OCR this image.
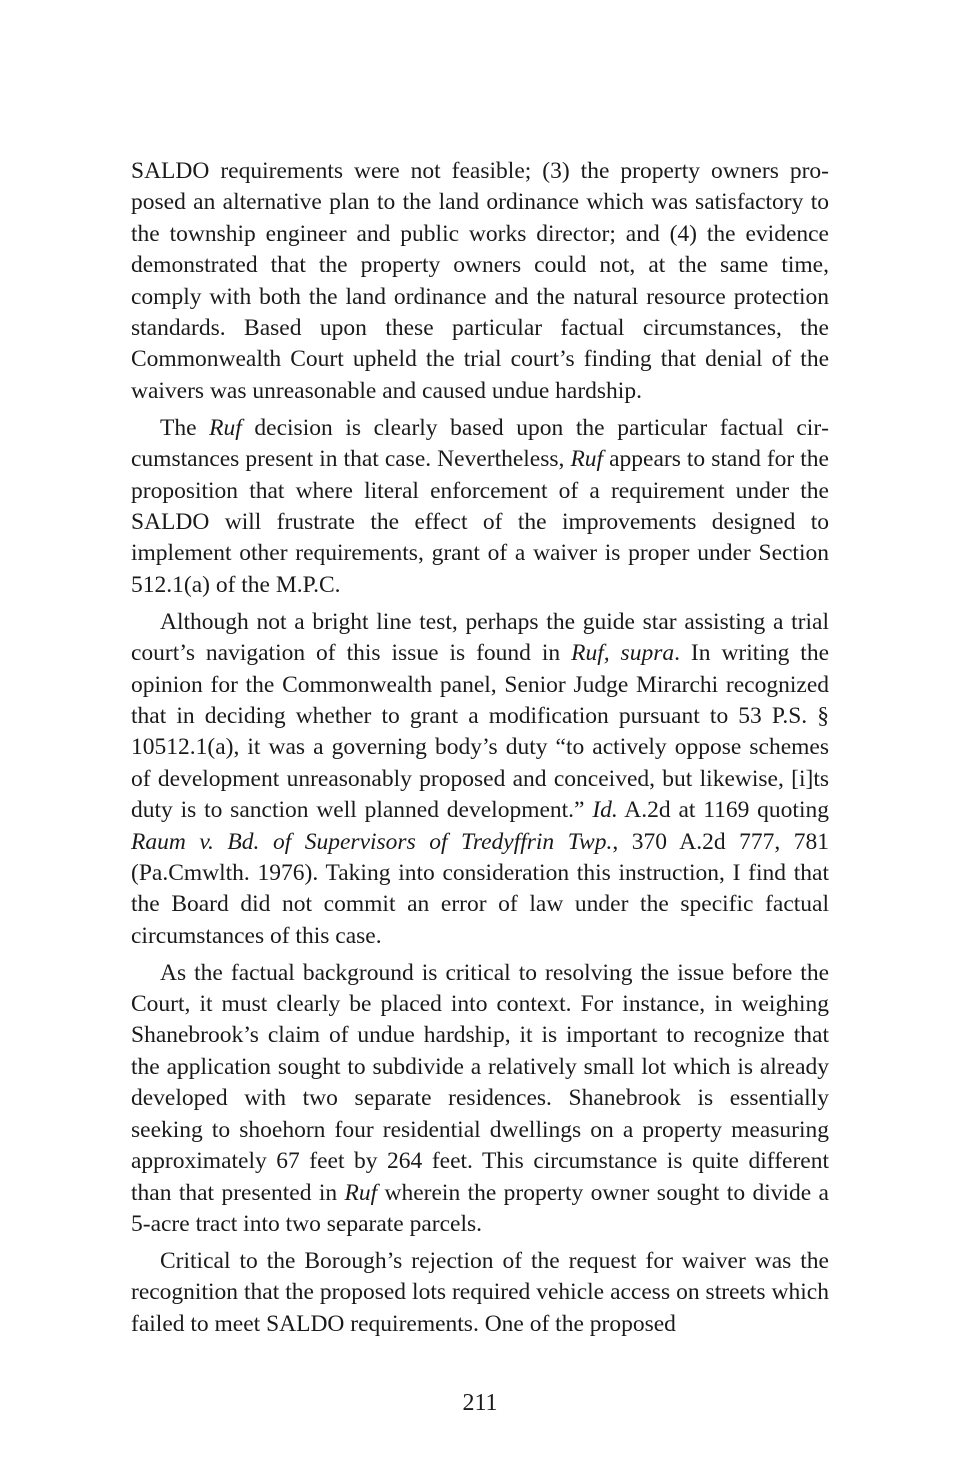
SALDO requirements were not feasible; (3) the property owners proposed an alternative plan to the land ordinance which was satisfactory to the township engineer and public works director; and (4) the evidence demonstrated that the property owners could not, at the same time, comply with both the land ordinance and the natural resource protection standards. Based upon these particular factual circumstances, the Commonwealth Court upheld the trial court’s finding that denial of the waivers was unreasonable and caused undue hardship.

The Ruf decision is clearly based upon the particular factual circumstances present in that case. Nevertheless, Ruf appears to stand for the proposition that where literal enforcement of a requirement under the SALDO will frustrate the effect of the improvements designed to implement other requirements, grant of a waiver is proper under Section 512.1(a) of the M.P.C.

Although not a bright line test, perhaps the guide star assisting a trial court’s navigation of this issue is found in Ruf, supra. In writing the opinion for the Commonwealth panel, Senior Judge Mirarchi recognized that in deciding whether to grant a modification pursuant to 53 P.S. § 10512.1(a), it was a governing body’s duty “to actively oppose schemes of development unreasonably proposed and conceived, but likewise, [i]ts duty is to sanction well planned development.” Id. A.2d at 1169 quoting Raum v. Bd. of Supervisors of Tredyffrin Twp., 370 A.2d 777, 781 (Pa.Cmwlth. 1976). Taking into consideration this instruction, I find that the Board did not commit an error of law under the specific factual circumstances of this case.

As the factual background is critical to resolving the issue before the Court, it must clearly be placed into context. For instance, in weighing Shanebrook’s claim of undue hardship, it is important to recognize that the application sought to subdivide a relatively small lot which is already developed with two separate residences. Shanebrook is essentially seeking to shoehorn four residential dwellings on a property measuring approximately 67 feet by 264 feet. This circumstance is quite different than that presented in Ruf wherein the property owner sought to divide a 5-acre tract into two separate parcels.

Critical to the Borough’s rejection of the request for waiver was the recognition that the proposed lots required vehicle access on streets which failed to meet SALDO requirements. One of the proposed

211
